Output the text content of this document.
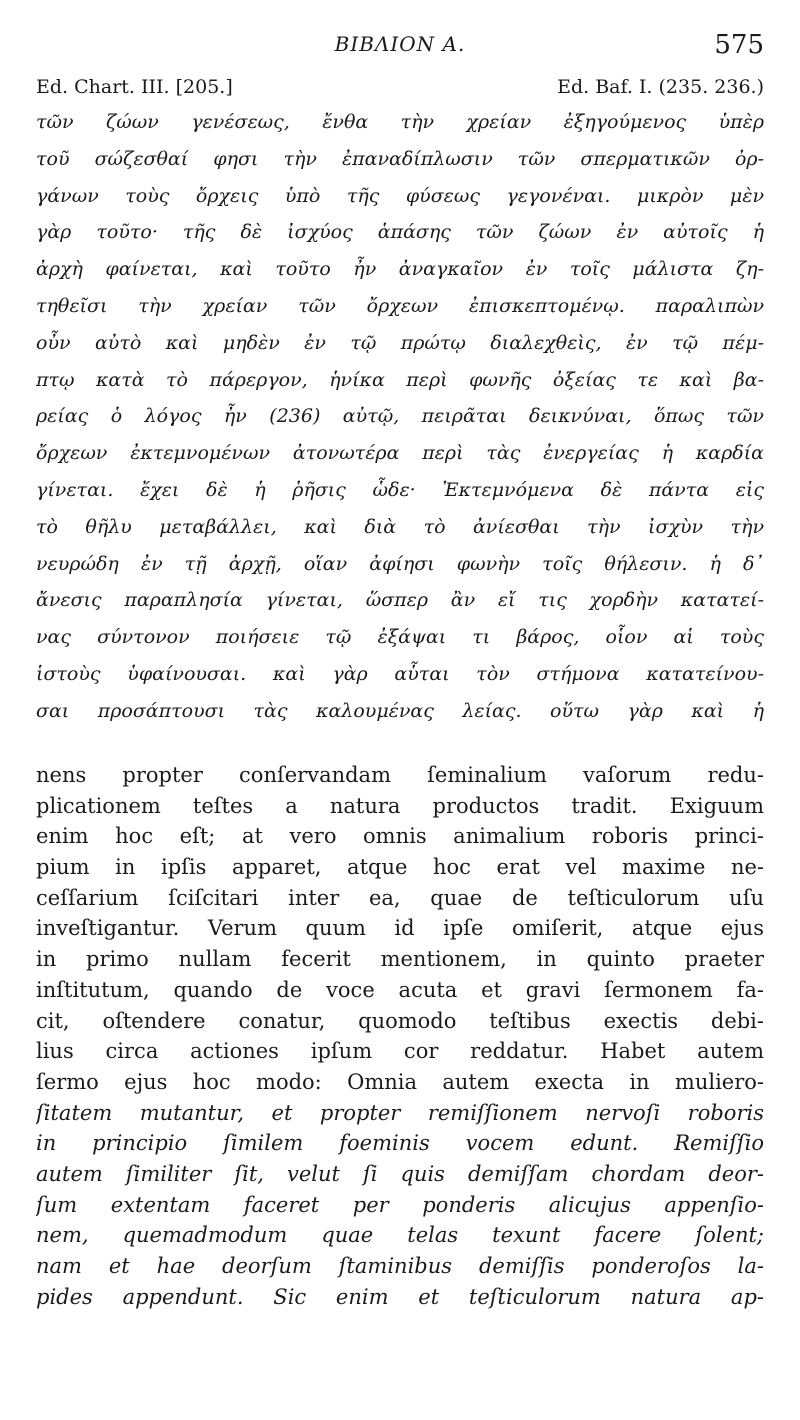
BIBΛΙΟΝ Α.	575
Ed. Chart. III. [205.]	Ed. Baf. I. (235. 236.)
τῶν ζώων γενέσεως, ἔνθα τὴν χρείαν ἐξηγούμενος ὑπὲρ
τοῦ σώζεσθαί φησι τὴν ἐπαναδίπλωσιν τῶν σπερματικῶν ὀρ-
γάνων τοὺς ὄρχεις ὑπὸ τῆς φύσεως γεγονέναι. μικρὸν μὲν
γὰρ τοῦτο· τῆς δὲ ἰσχύος ἁπάσης τῶν ζώων ἐν αὐτοῖς ἡ
ἀρχὴ φαίνεται, καὶ τοῦτο ἦν ἀναγκαῖον ἐν τοῖς μάλιστα ζη-
τηθεῖσι τὴν χρείαν τῶν ὄρχεων ἐπισκεπτομένῳ. παραλιπὼν
οὖν αὐτὸ καὶ μηδὲν ἐν τῷ πρώτῳ διαλεχθεὶς, ἐν τῷ πέμ-
πτῳ κατὰ τὸ πάρεργον, ἡνίκα περὶ φωνῆς ὀξείας τε καὶ βα-
ρείας ὁ λόγος ἦν (236) αὐτῷ, πειρᾶται δεικνύναι, ὅπως τῶν
ὄρχεων ἐκτεμνομένων ἀτονωτέρα περὶ τὰς ἐνεργείας ἡ καρδία
γίνεται. ἔχει δὲ ἡ ῥῆσις ὧδε· Ἐκτεμνόμενα δὲ πάντα εἰς
τὸ θῆλυ μεταβάλλει, καὶ διὰ τὸ ἀνίεσθαι τὴν ἰσχὺν τὴν
νευρώδη ἐν τῇ ἀρχῇ, οἵαν ἀφίησι φωνὴν τοῖς θήλεσιν. ἡ δ᾽
ἄνεσις παραπλησία γίνεται, ὥσπερ ἂν εἴ τις χορδὴν κατατεί-
νας σύντονον ποιήσειε τῷ ἐξάψαι τι βάρος, οἷον αἱ τοὺς
ἱστοὺς ὑφαίνουσαι. καὶ γὰρ αὗται τὸν στήμονα κατατείνου-
σαι προσάπτουσι τὰς καλουμένας λείας. οὕτω γὰρ καὶ ἡ
nens propter conſervandam ſeminalium vaſorum redu-
plicationem teſtes a natura productos tradit. Exiguum
enim hoc eſt; at vero omnis animalium roboris princi-
pium in ipſis apparet, atque hoc erat vel maxime ne-
ceſſarium ſciſcitari inter ea, quae de teſticulorum uſu
inveſtigantur. Verum quum id ipſe omiſerit, atque ejus
in primo nullam fecerit mentionem, in quinto praeter
inſtitutum, quando de voce acuta et gravi ſermonem fa-
cit, oſtendere conatur, quomodo teſtibus exectis debi-
lius circa actiones ipſum cor reddatur. Habet autem
ſermo ejus hoc modo: Omnia autem execta in muliero-
ſitatem mutantur, et propter remiſſionem nervoſi roboris
in principio ſimilem foeminis vocem edunt. Remiſſio
autem ſimiliter ſit, velut ſi quis demiſſam chordam deor-
ſum extentam faceret per ponderis alicujus appenſio-
nem, quemadmodum quae telas texunt facere ſolent;
nam et hae deorſum ſtaminibus demiſſis ponderoſos la-
pides appendunt. Sic enim et teſticulorum natura ap-
